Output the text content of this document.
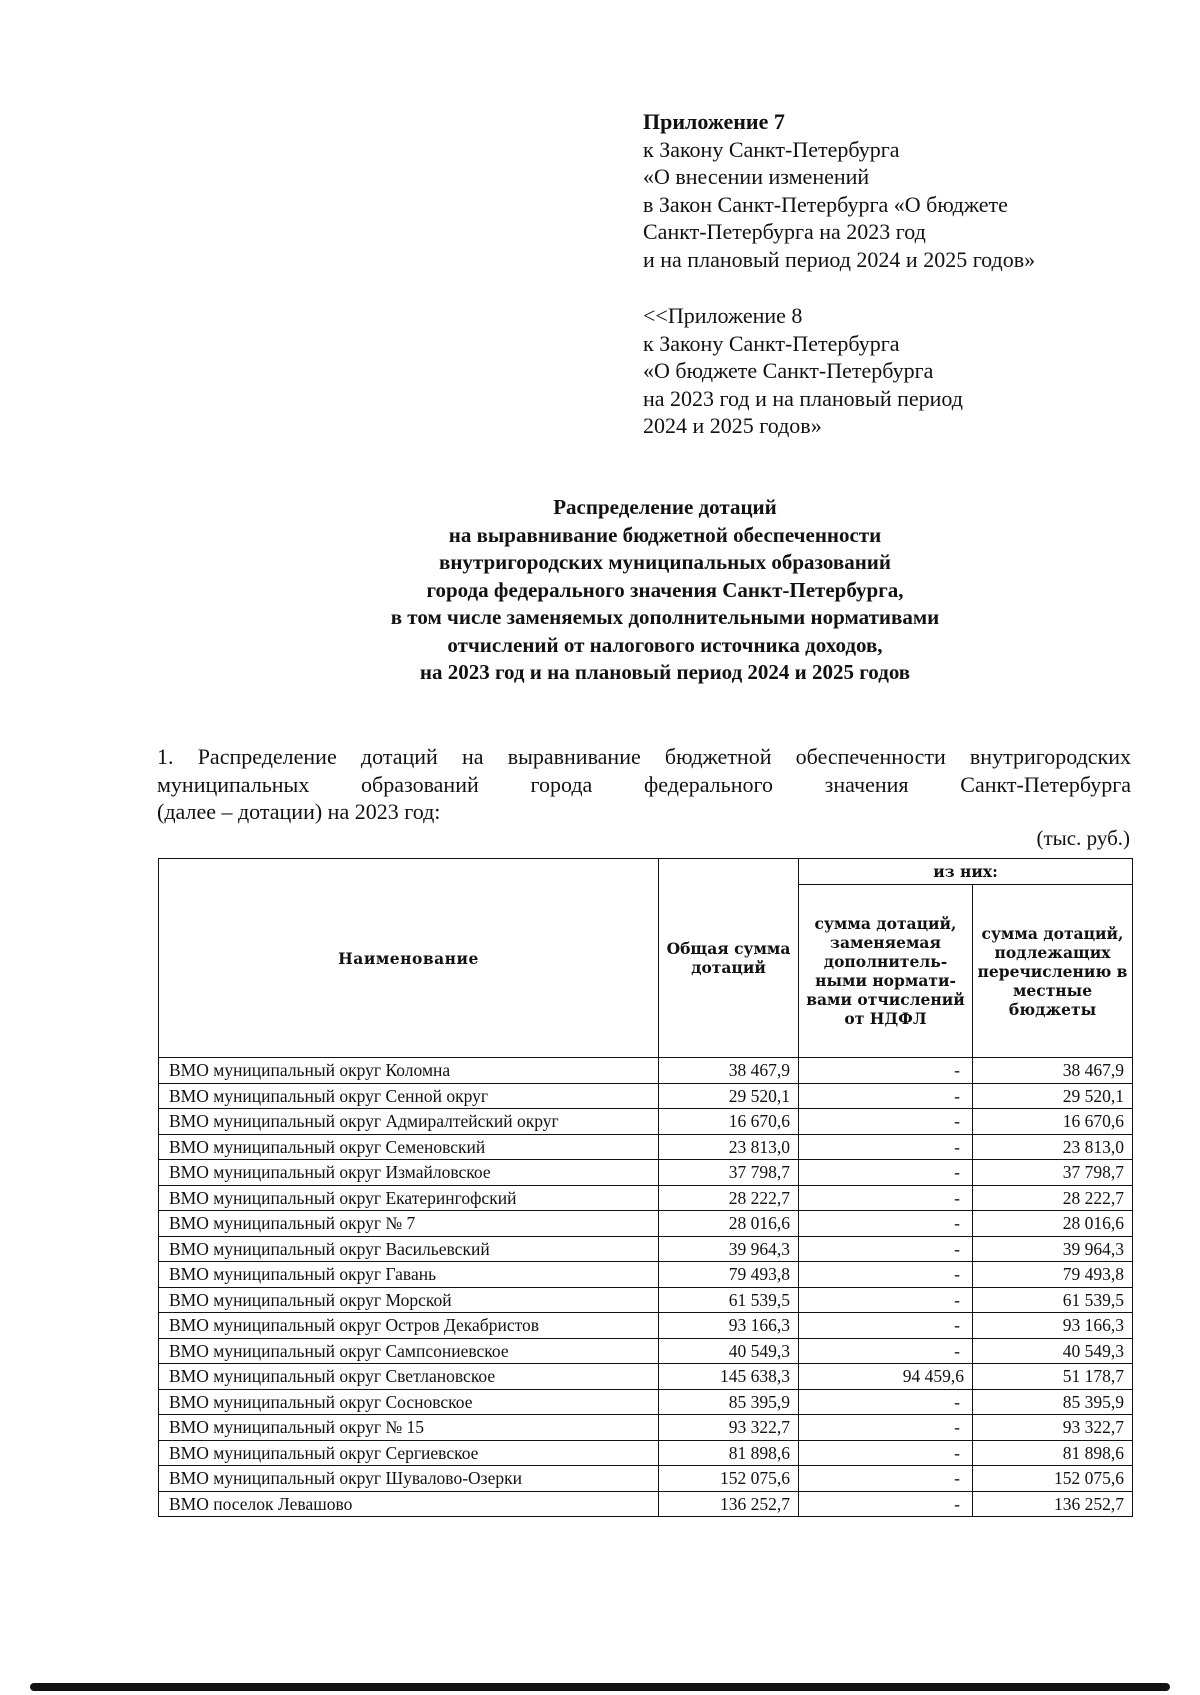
Приложение 7
к Закону Санкт-Петербурга
«О внесении изменений
в Закон Санкт-Петербурга «О бюджете
Санкт-Петербурга на 2023 год
и на плановый период 2024 и 2025 годов»
<<Приложение 8
к Закону Санкт-Петербурга
«О бюджете Санкт-Петербурга
на 2023 год и на плановый период
2024 и 2025 годов»
Распределение дотаций
на выравнивание бюджетной обеспеченности
внутригородских муниципальных образований
города федерального значения Санкт-Петербурга,
в том числе заменяемых дополнительными нормативами
отчислений от налогового источника доходов,
на 2023 год и на плановый период 2024 и 2025 годов
1. Распределение дотаций на выравнивание бюджетной обеспеченности внутригородских
муниципальных образований города федерального значения Санкт-Петербурга
(далее – дотации) на 2023 год:
(тыс. руб.)
Наименование	Общая сумма дотаций	из них:	
		сумма дотаций, заменяемая дополнитель- ными нормати- вами отчислений от НДФЛ	сумма дотаций, подлежащих перечислению в местные бюджеты
ВМО муниципальный округ Коломна	38 467,9	-	38 467,9
ВМО муниципальный округ Сенной округ	29 520,1	-	29 520,1
ВМО муниципальный округ Адмиралтейский округ	16 670,6	-	16 670,6
ВМО муниципальный округ Семеновский	23 813,0	-	23 813,0
ВМО муниципальный округ Измайловское	37 798,7	-	37 798,7
ВМО муниципальный округ Екатерингофский	28 222,7	-	28 222,7
ВМО муниципальный округ № 7	28 016,6	-	28 016,6
ВМО муниципальный округ Васильевский	39 964,3	-	39 964,3
ВМО муниципальный округ Гавань	79 493,8	-	79 493,8
ВМО муниципальный округ Морской	61 539,5	-	61 539,5
ВМО муниципальный округ Остров Декабристов	93 166,3	-	93 166,3
ВМО муниципальный округ Сампсониевское	40 549,3	-	40 549,3
ВМО муниципальный округ Светлановское	145 638,3	94 459,6	51 178,7
ВМО муниципальный округ Сосновское	85 395,9	-	85 395,9
ВМО муниципальный округ № 15	93 322,7	-	93 322,7
ВМО муниципальный округ Сергиевское	81 898,6	-	81 898,6
ВМО муниципальный округ Шувалово-Озерки	152 075,6	-	152 075,6
ВМО поселок Левашово	136 252,7	-	136 252,7
